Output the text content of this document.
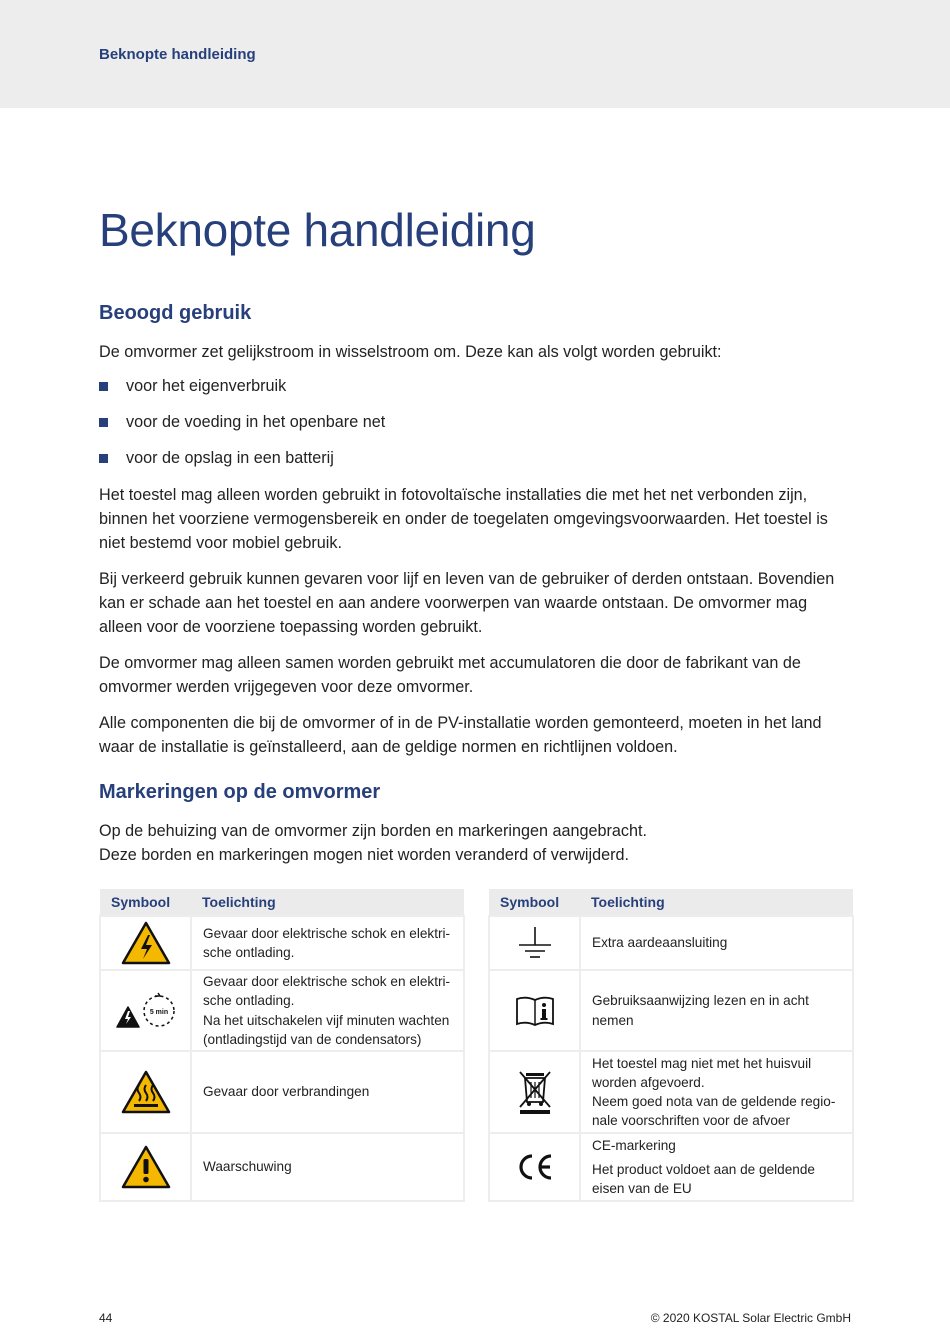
Beknopte handleiding
Beknopte handleiding
Beoogd gebruik

De omvormer zet gelijkstroom in wisselstroom om. Deze kan als volgt worden gebruikt:

voor het eigenverbruik
voor de voeding in het openbare net
voor de opslag in een batterij

Het toestel mag alleen worden gebruikt in fotovoltaïsche installaties die met het net verbonden zijn, binnen het voorziene vermogensbereik en onder de toegelaten omgevingsvoorwaarden. Het toestel is niet bestemd voor mobiel gebruik.

Bij verkeerd gebruik kunnen gevaren voor lijf en leven van de gebruiker of derden ontstaan. Bovendien kan er schade aan het toestel en aan andere voorwerpen van waarde ontstaan. De omvormer mag alleen voor de voorziene toepassing worden gebruikt.

De omvormer mag alleen samen worden gebruikt met accumulatoren die door de fabrikant van de omvormer werden vrijgegeven voor deze omvormer.

Alle componenten die bij de omvormer of in de PV-installatie worden gemonteerd, moeten in het land waar de installatie is geïnstalleerd, aan de geldige normen en richtlijnen voldoen.

Markeringen op de omvormer

Op de behuizing van de omvormer zijn borden en markeringen aangebracht.
Deze borden en markeringen mogen niet worden veranderd of verwijderd.

Symbool	Toelichting

Gevaar door elektrische schok en elektrische ontlading.

5 min	Gevaar door elektrische schok en elektrische ontlading.
Na het uitschakelen vijf minuten wachten (ontladingstijd van de condensators)

Gevaar door verbrandingen

Waarschuwing
Symbool	Toelichting

Extra aardeaansluiting

Gebruiksaanwijzing lezen en in acht nemen

Het toestel mag niet met het huisvuil worden afgevoerd.
Neem goed nota van de geldende regionale voorschriften voor de afvoer

CE-markering
Het product voldoet aan de geldende eisen van de EU
44	© 2020 KOSTAL Solar Electric GmbH
